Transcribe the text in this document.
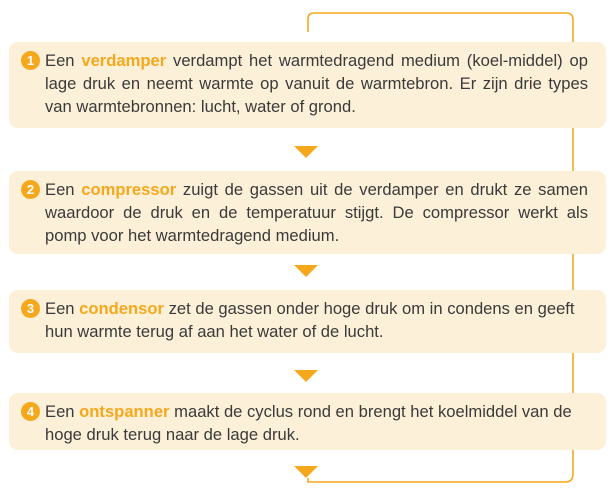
1 Een verdamper verdampt het warmtedragend medium (koel-middel) op lage druk en neemt warmte op vanuit de warmtebron. Er zijn drie types van warmtebronnen: lucht, water of grond.

2 Een compressor zuigt de gassen uit de verdamper en drukt ze samen waardoor de druk en de temperatuur stijgt. De compressor werkt als pomp voor het warmtedragend medium.

3 Een condensor zet de gassen onder hoge druk om in condens en geeft hun warmte terug af aan het water of de lucht.

4 Een ontspanner maakt de cyclus rond en brengt het koelmiddel van de hoge druk terug naar de lage druk.
